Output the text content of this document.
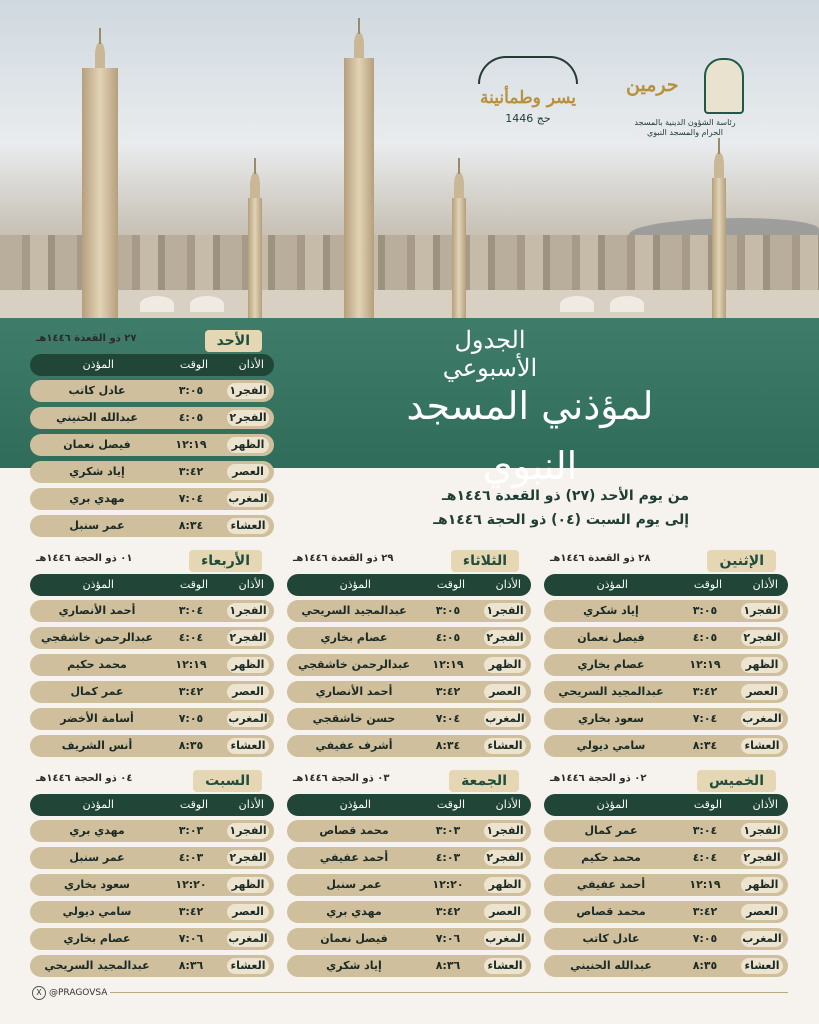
يسر وطمأنينة
حج 1446
حرمين
رئاسة الشؤون الدينية بالمسجد الحرام والمسجد النبوي
الجدول الأسبوعي
لمؤذني المسجد النبوي
من يوم الأحد (٢٧) ذو القعدة ١٤٤٦هـ
إلى يوم السبت (٠٤) ذو الحجة ١٤٤٦هـ
الأحد
٢٧ ذو القعدة ١٤٤٦هـ
الأذان
الوقت
المؤذن
الفجر١
٣:٠٥
عادل كاتب
الفجر٢
٤:٠٥
عبدالله الحنيني
الظهر
١٢:١٩
فيصل نعمان
العصر
٣:٤٢
إياد شكري
المغرب
٧:٠٤
مهدي بري
العشاء
٨:٣٤
عمر سنبل
الإثنين
٢٨ ذو القعدة ١٤٤٦هـ
الأذان
الوقت
المؤذن
الفجر١
٣:٠٥
إياد شكري
الفجر٢
٤:٠٥
فيصل نعمان
الظهر
١٢:١٩
عصام بخاري
العصر
٣:٤٢
عبدالمجيد السريحي
المغرب
٧:٠٤
سعود بخاري
العشاء
٨:٣٤
سامي ديولي
الثلاثاء
٢٩ ذو القعدة ١٤٤٦هـ
الأذان
الوقت
المؤذن
الفجر١
٣:٠٥
عبدالمجيد السريحي
الفجر٢
٤:٠٥
عصام بخاري
الظهر
١٢:١٩
عبدالرحمن خاشقجي
العصر
٣:٤٢
أحمد الأنصاري
المغرب
٧:٠٤
حسن خاشقجي
العشاء
٨:٣٤
أشرف عفيفي
الأربعاء
٠١ ذو الحجة ١٤٤٦هـ
الأذان
الوقت
المؤذن
الفجر١
٣:٠٤
أحمد الأنصاري
الفجر٢
٤:٠٤
عبدالرحمن خاشقجي
الظهر
١٢:١٩
محمد حكيم
العصر
٣:٤٢
عمر كمال
المغرب
٧:٠٥
أسامة الأخضر
العشاء
٨:٣٥
أنس الشريف
الخميس
٠٢ ذو الحجة ١٤٤٦هـ
الأذان
الوقت
المؤذن
الفجر١
٣:٠٤
عمر كمال
الفجر٢
٤:٠٤
محمد حكيم
الظهر
١٢:١٩
أحمد عفيفي
العصر
٣:٤٢
محمد قصاص
المغرب
٧:٠٥
عادل كاتب
العشاء
٨:٣٥
عبدالله الحنيني
الجمعة
٠٣ ذو الحجة ١٤٤٦هـ
الأذان
الوقت
المؤذن
الفجر١
٣:٠٣
محمد قصاص
الفجر٢
٤:٠٣
أحمد عفيفي
الظهر
١٢:٢٠
عمر سنبل
العصر
٣:٤٢
مهدي بري
المغرب
٧:٠٦
فيصل نعمان
العشاء
٨:٣٦
إياد شكري
السبت
٠٤ ذو الحجة ١٤٤٦هـ
الأذان
الوقت
المؤذن
الفجر١
٣:٠٣
مهدي بري
الفجر٢
٤:٠٣
عمر سنبل
الظهر
١٢:٢٠
سعود بخاري
العصر
٣:٤٢
سامي ديولي
المغرب
٧:٠٦
عصام بخاري
العشاء
٨:٣٦
عبدالمجيد السريحي
X @PRAGOVSA
